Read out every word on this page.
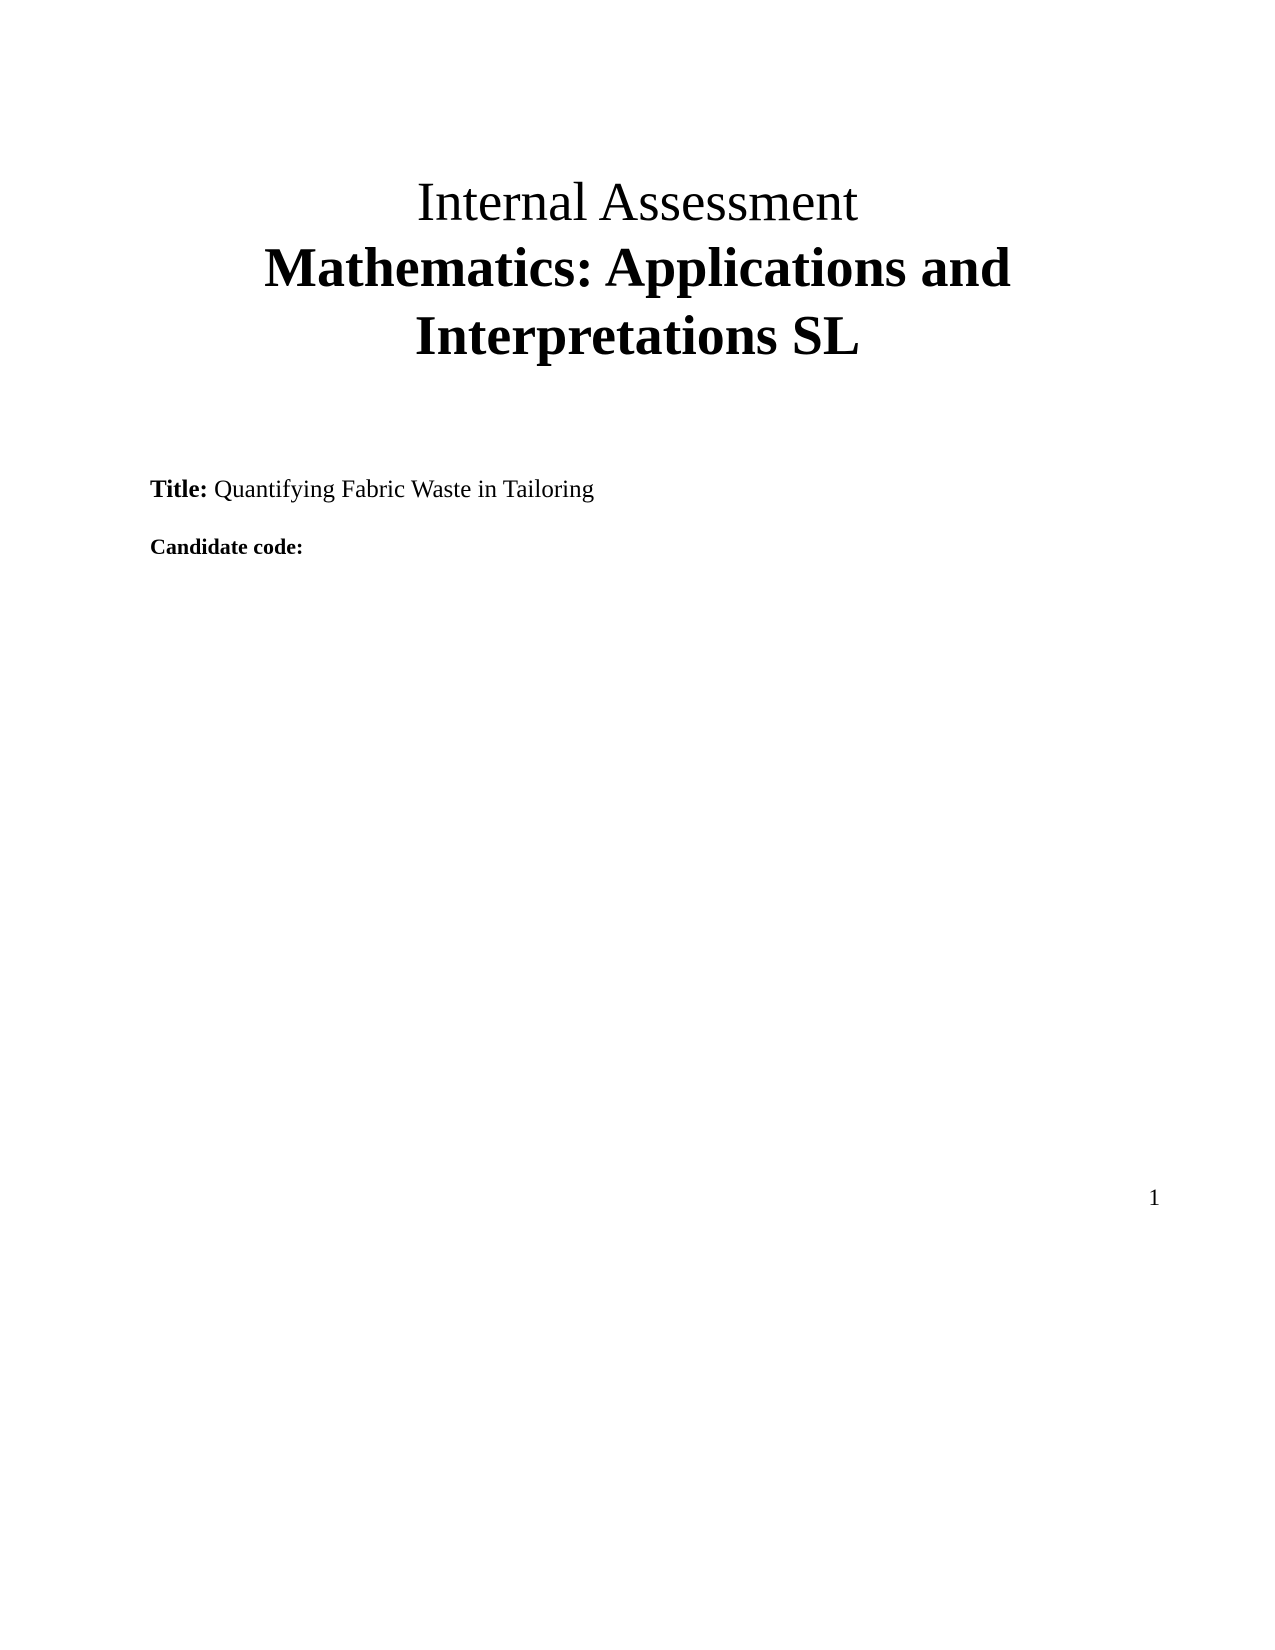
Internal Assessment

Mathematics: Applications and

Interpretations SL

Title: Quantifying Fabric Waste in Tailoring

Candidate code:

1
